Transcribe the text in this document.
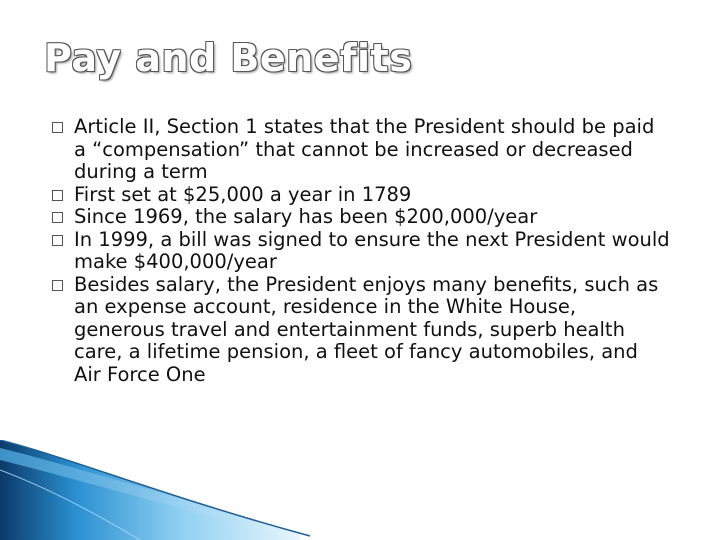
Pay and Benefits
Article II, Section 1 states that the President should be paid a “compensation” that cannot be increased or decreased during a term
First set at $25,000 a year in 1789
Since 1969, the salary has been $200,000/year
In 1999, a bill was signed to ensure the next President would make $400,000/year
Besides salary, the President enjoys many benefits, such as an expense account, residence in the White House, generous travel and entertainment funds, superb health care, a lifetime pension, a fleet of fancy automobiles, and Air Force One
